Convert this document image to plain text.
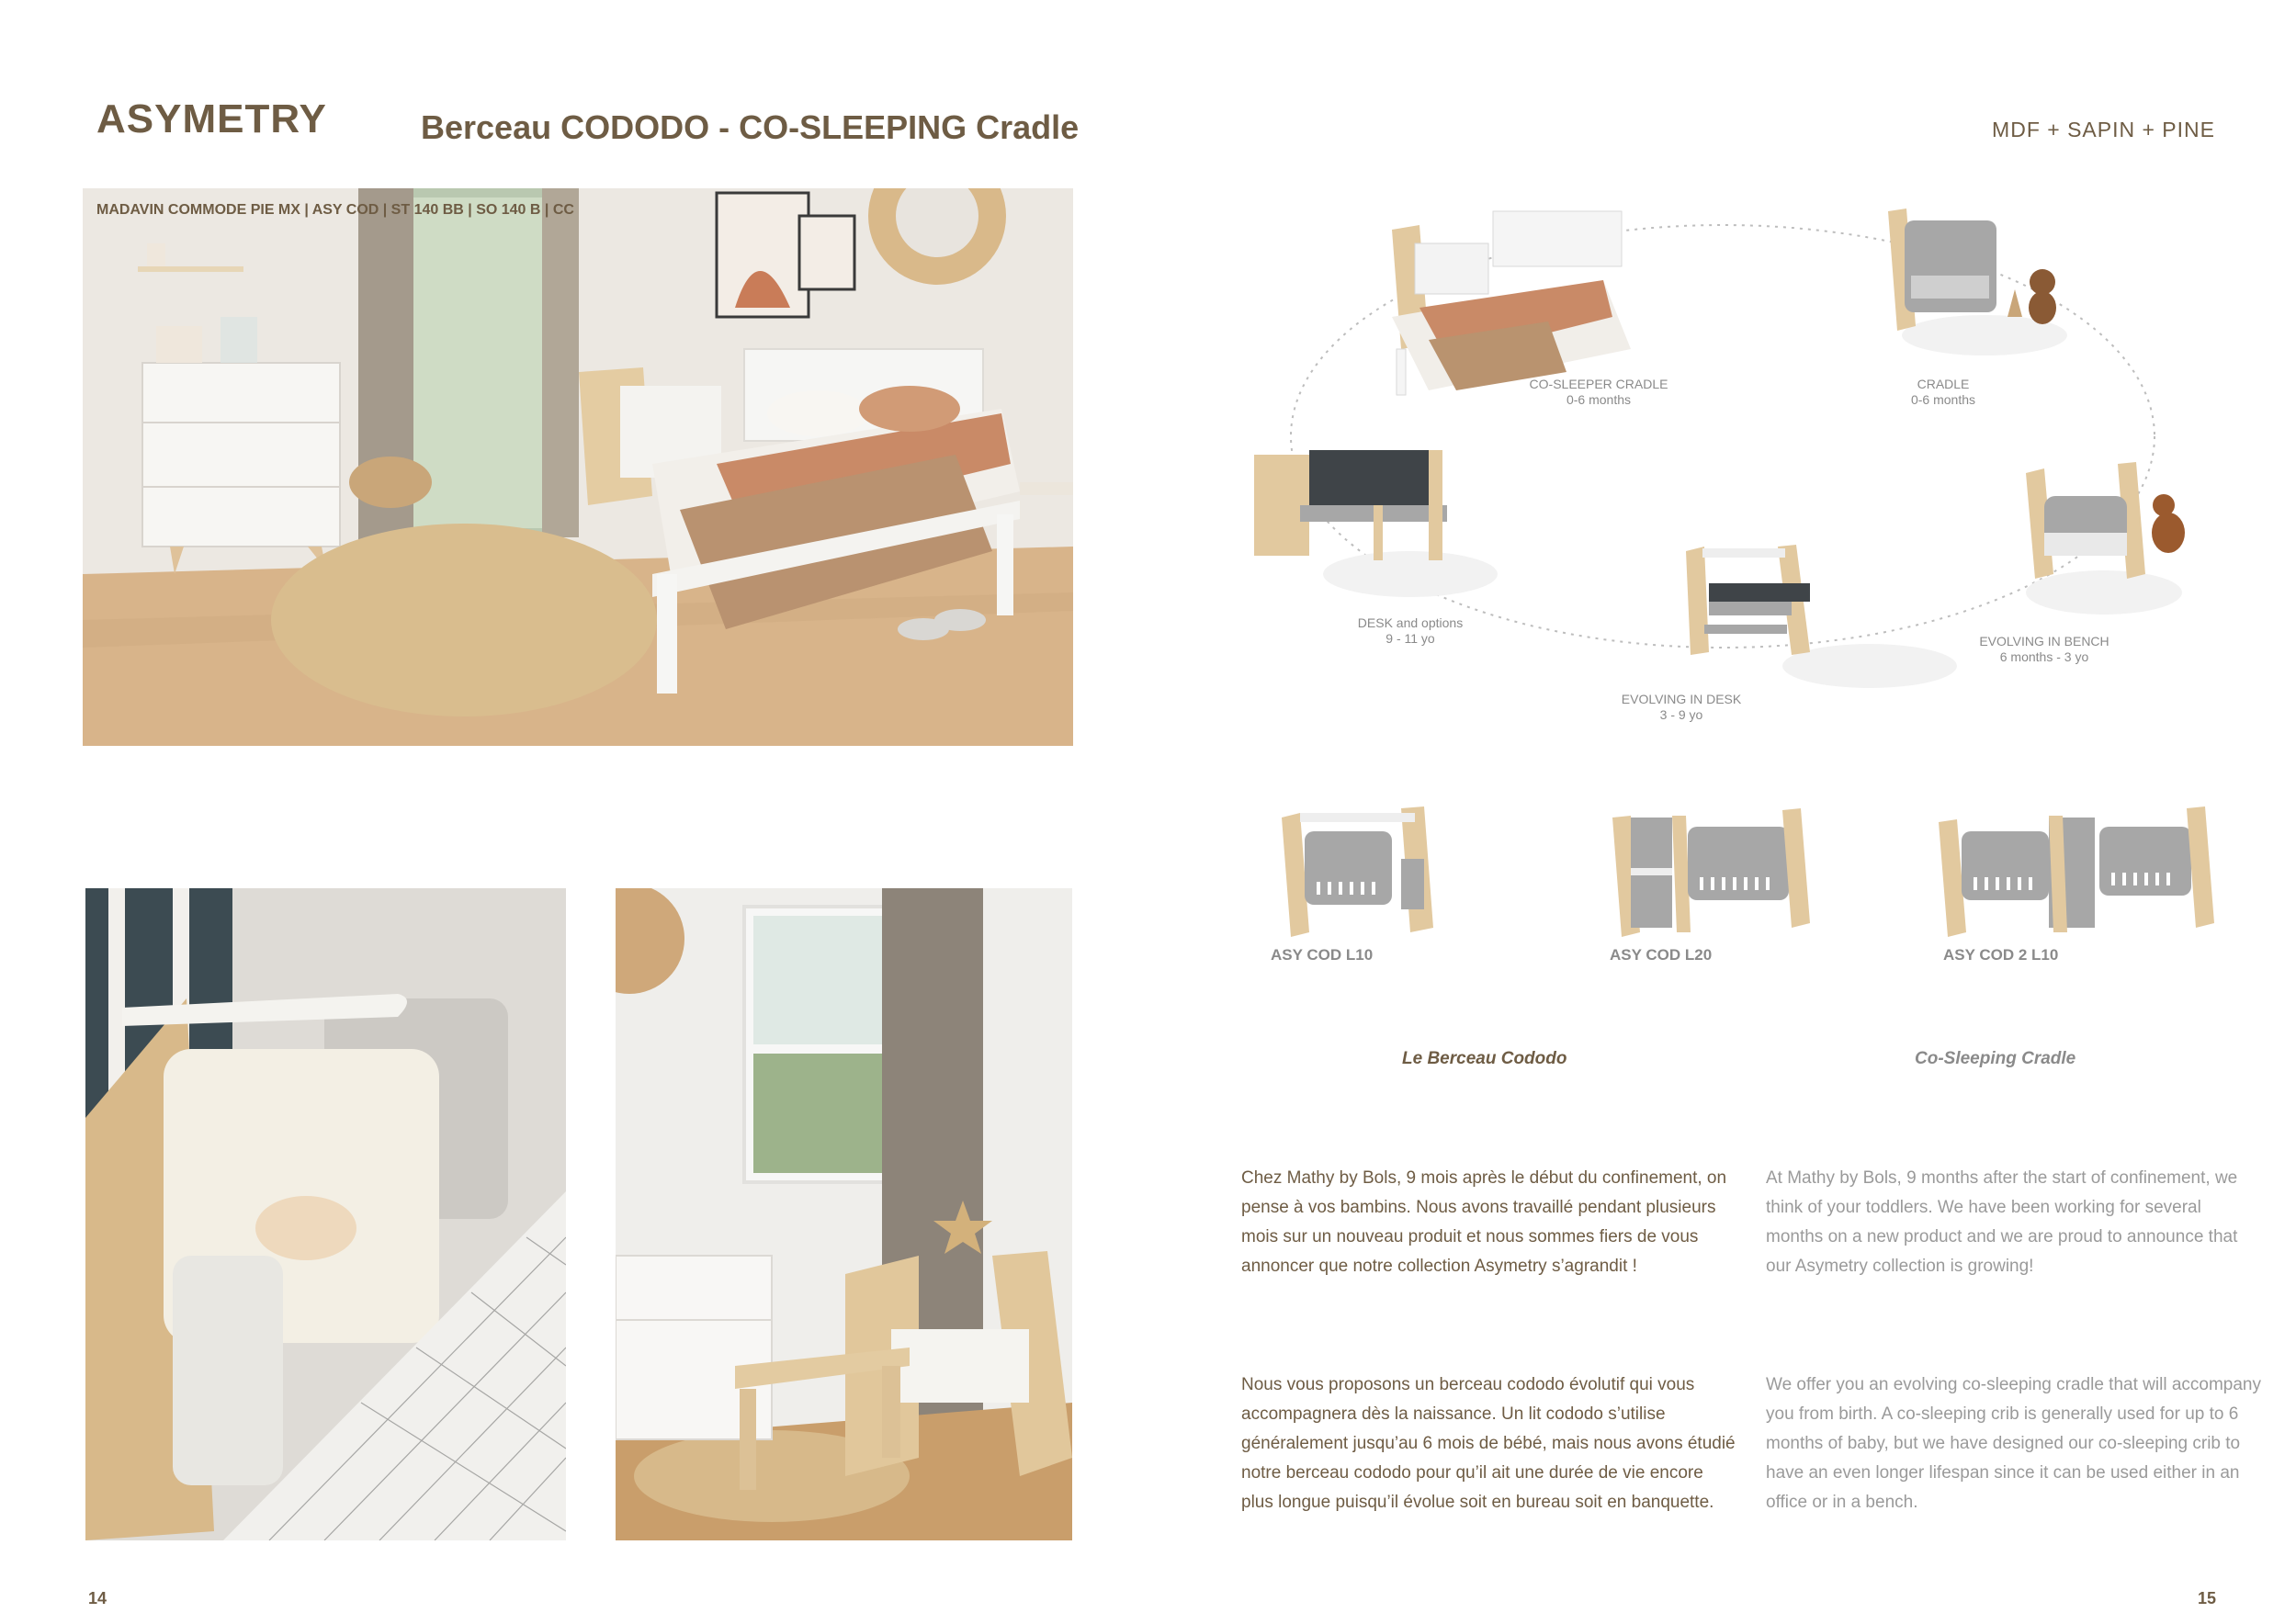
ASYMETRY	Berceau CODODO - CO-SLEEPING Cradle	MDF + SAPIN + PINE
MADAVIN COMMODE PIE MX | ASY COD | ST 140 BB | SO 140 B | CC
CO-SLEEPER CRADLE
0-6 months
CRADLE
0-6 months
DESK and options
9 - 11 yo	EVOLVING IN BENCH
6 months - 3 yo
EVOLVING IN DESK
3 - 9 yo
ASY COD L10	ASY COD L20	ASY COD 2 L10
Le Berceau Cododo	Co-Sleeping Cradle
Chez Mathy by Bols, 9 mois après le début du confinement, on pense à vos bambins. Nous avons travaillé pendant plusieurs mois sur un nouveau produit et nous sommes fiers de vous annoncer que notre collection Asymetry s’agrandit !
Nous vous proposons un berceau cododo évolutif qui vous accompagnera dès la naissance. Un lit cododo s’utilise généralement jusqu’au 6 mois de bébé, mais nous avons étudié notre berceau cododo pour qu’il ait une durée de vie encore plus longue puisqu’il évolue soit en bureau soit en banquette.
At Mathy by Bols, 9 months after the start of confinement, we think of your toddlers. We have been working for several months on a new product and we are proud to announce that our Asymetry collection is growing!
We offer you an evolving co-sleeping cradle that will accompany you from birth. A co-sleeping crib is generally used for up to 6 months of baby, but we have designed our co-sleeping crib to have an even longer lifespan since it can be used either in an office or in a bench.
14	15
